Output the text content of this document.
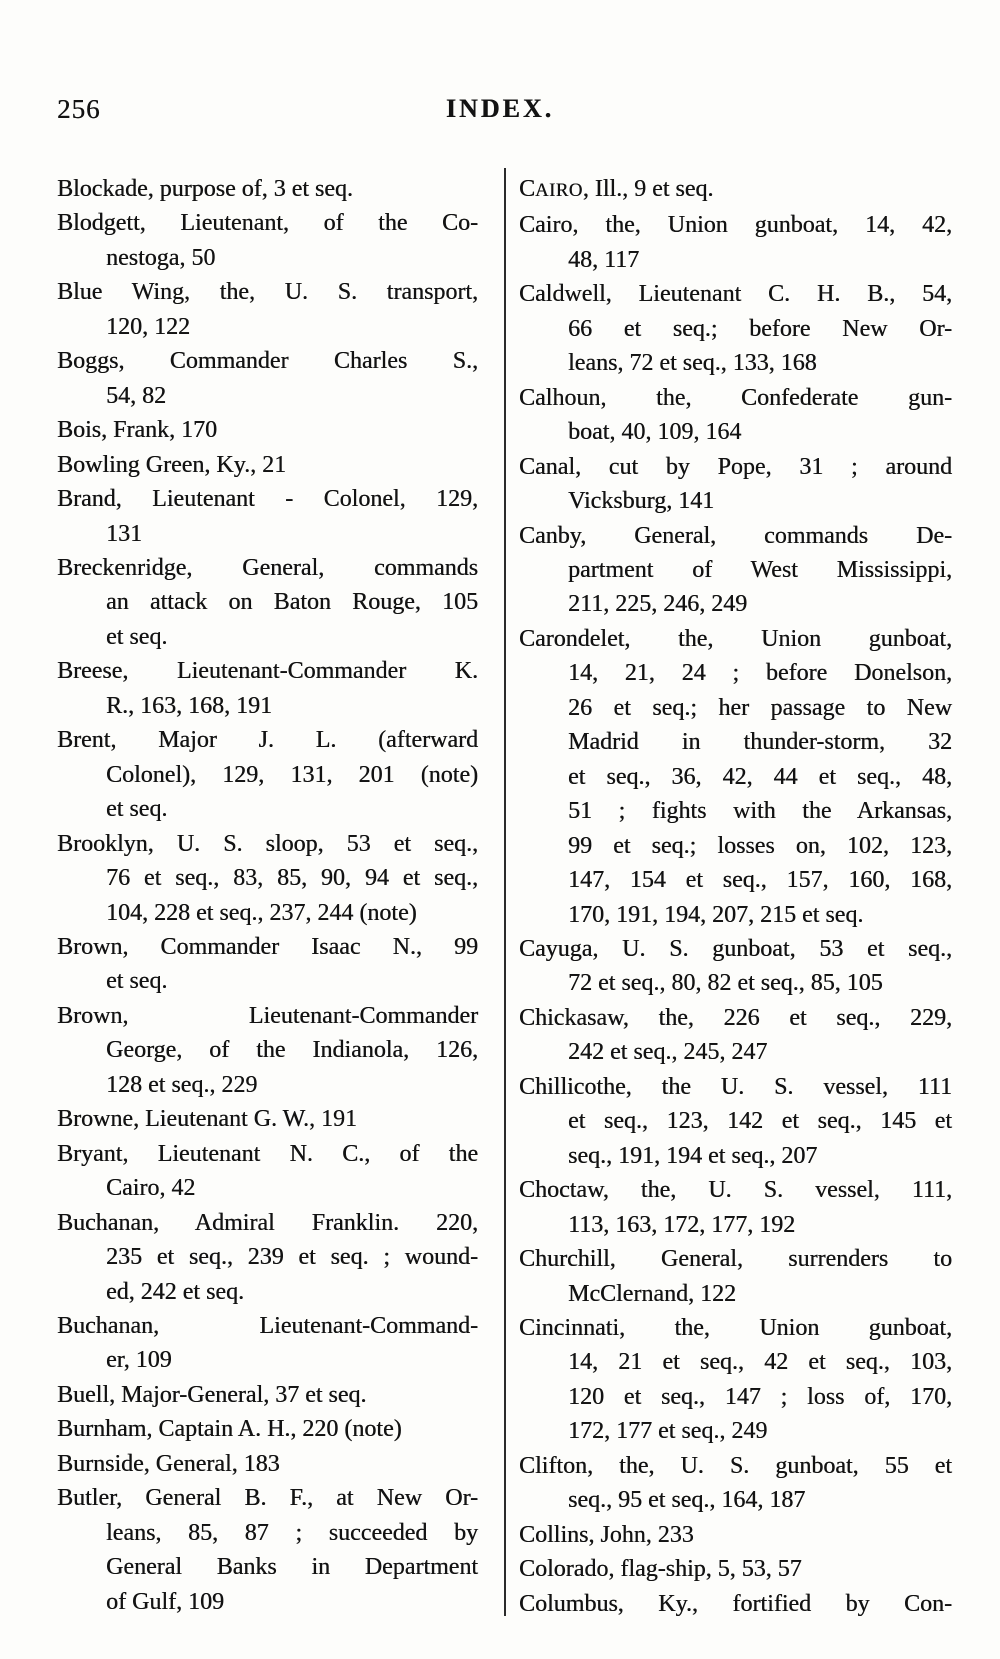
256	INDEX.
Blockade, purpose of, 3 et seq.
Blodgett, Lieutenant, of the Co-
nestoga, 50
Blue Wing, the, U. S. transport,
120, 122
Boggs, Commander Charles S.,
54, 82
Bois, Frank, 170
Bowling Green, Ky., 21
Brand, Lieutenant - Colonel, 129,
131
Breckenridge, General, commands
an attack on Baton Rouge, 105
et seq.
Breese, Lieutenant-Commander K.
R., 163, 168, 191
Brent, Major J. L. (afterward
Colonel), 129, 131, 201 (note)
et seq.
Brooklyn, U. S. sloop, 53 et seq.,
76 et seq., 83, 85, 90, 94 et seq.,
104, 228 et seq., 237, 244 (note)
Brown, Commander Isaac N., 99
et seq.
Brown, Lieutenant-Commander
George, of the Indianola, 126,
128 et seq., 229
Browne, Lieutenant G. W., 191
Bryant, Lieutenant N. C., of the
Cairo, 42
Buchanan, Admiral Franklin. 220,
235 et seq., 239 et seq. ; wound-
ed, 242 et seq.
Buchanan, Lieutenant-Command-
er, 109
Buell, Major-General, 37 et seq.
Burnham, Captain A. H., 220 (note)
Burnside, General, 183
Butler, General B. F., at New Or-
leans, 85, 87 ; succeeded by
General Banks in Department
of Gulf, 109
CAIRO, Ill., 9 et seq.
Cairo, the, Union gunboat, 14, 42,
48, 117
Caldwell, Lieutenant C. H. B., 54,
66 et seq.; before New Or-
leans, 72 et seq., 133, 168
Calhoun, the, Confederate gun-
boat, 40, 109, 164
Canal, cut by Pope, 31 ; around
Vicksburg, 141
Canby, General, commands De-
partment of West Mississippi,
211, 225, 246, 249
Carondelet, the, Union gunboat,
14, 21, 24 ; before Donelson,
26 et seq.; her passage to New
Madrid in thunder-storm, 32
et seq., 36, 42, 44 et seq., 48,
51 ; fights with the Arkansas,
99 et seq.; losses on, 102, 123,
147, 154 et seq., 157, 160, 168,
170, 191, 194, 207, 215 et seq.
Cayuga, U. S. gunboat, 53 et seq.,
72 et seq., 80, 82 et seq., 85, 105
Chickasaw, the, 226 et seq., 229,
242 et seq., 245, 247
Chillicothe, the U. S. vessel, 111
et seq., 123, 142 et seq., 145 et
seq., 191, 194 et seq., 207
Choctaw, the, U. S. vessel, 111,
113, 163, 172, 177, 192
Churchill, General, surrenders to
McClernand, 122
Cincinnati, the, Union gunboat,
14, 21 et seq., 42 et seq., 103,
120 et seq., 147 ; loss of, 170,
172, 177 et seq., 249
Clifton, the, U. S. gunboat, 55 et
seq., 95 et seq., 164, 187
Collins, John, 233
Colorado, flag-ship, 5, 53, 57
Columbus, Ky., fortified by Con-
